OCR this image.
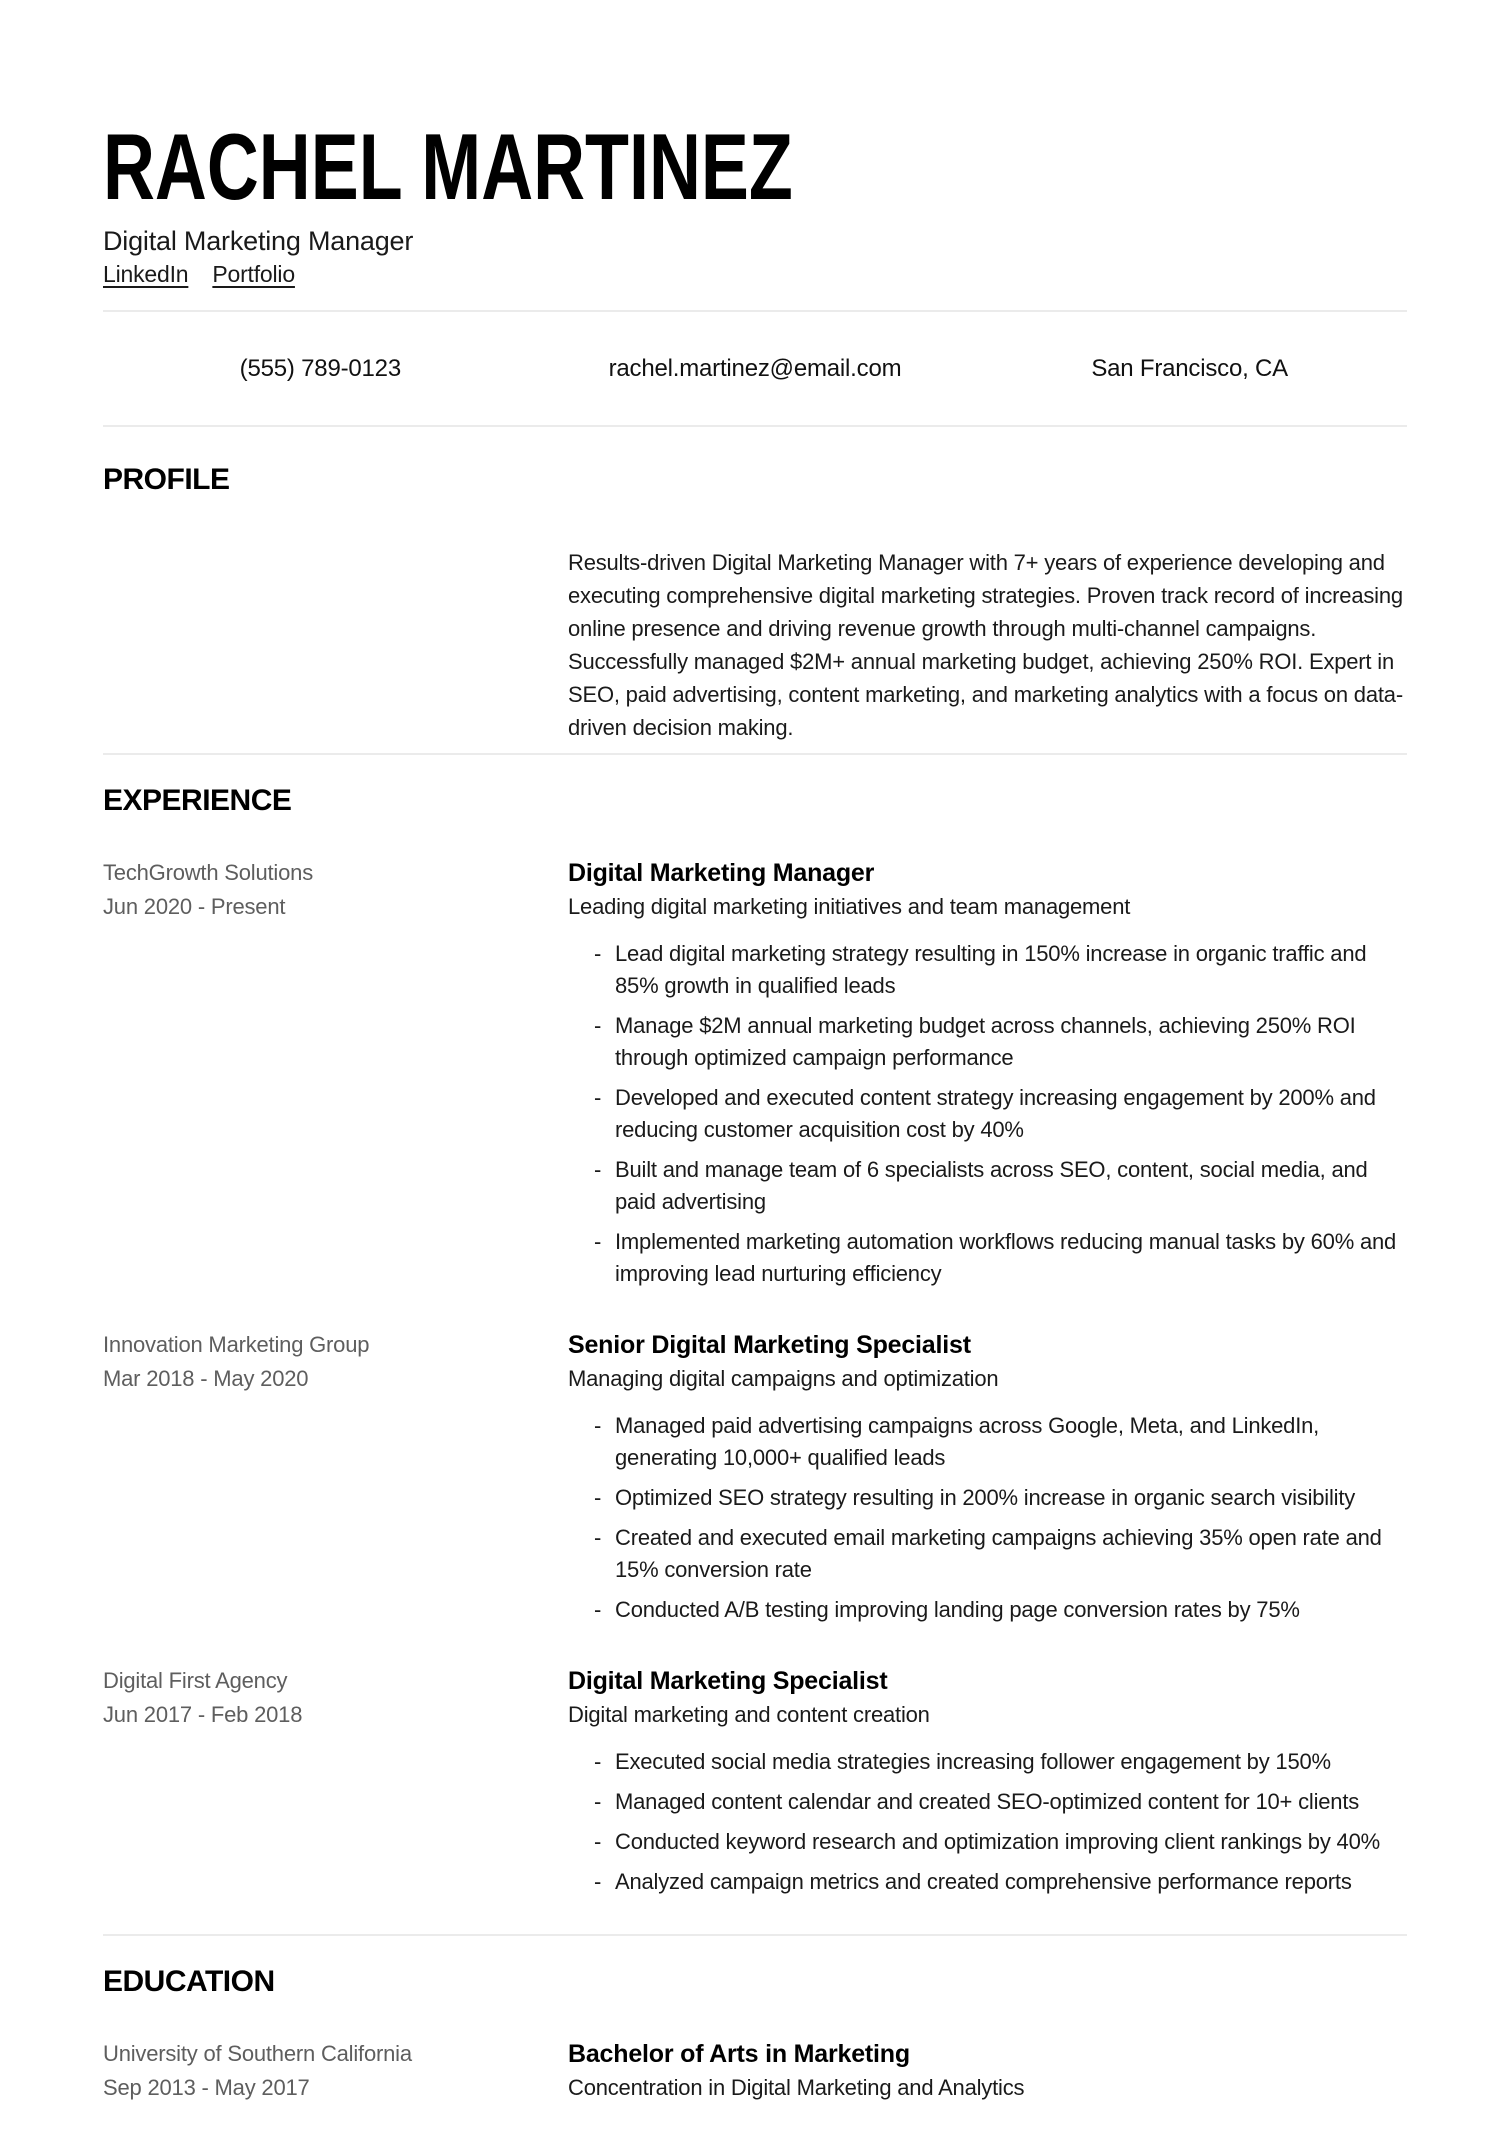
RACHEL MARTINEZ
Digital Marketing Manager
LinkedIn Portfolio
(555) 789-0123	rachel.martinez@email.com	San Francisco, CA
PROFILE

Results-driven Digital Marketing Manager with 7+ years of experience developing and executing comprehensive digital marketing strategies. Proven track record of increasing online presence and driving revenue growth through multi-channel campaigns. Successfully managed $2M+ annual marketing budget, achieving 250% ROI. Expert in SEO, paid advertising, content marketing, and marketing analytics with a focus on data-driven decision making.

EXPERIENCE
TechGrowth Solutions
Jun 2020 - Present
Digital Marketing Manager
Leading digital marketing initiatives and team management
- Lead digital marketing strategy resulting in 150% increase in organic traffic and 85% growth in qualified leads
- Manage $2M annual marketing budget across channels, achieving 250% ROI through optimized campaign performance
- Developed and executed content strategy increasing engagement by 200% and reducing customer acquisition cost by 40%
- Built and manage team of 6 specialists across SEO, content, social media, and paid advertising
- Implemented marketing automation workflows reducing manual tasks by 60% and improving lead nurturing efficiency
Innovation Marketing Group
Mar 2018 - May 2020
Senior Digital Marketing Specialist
Managing digital campaigns and optimization
- Managed paid advertising campaigns across Google, Meta, and LinkedIn, generating 10,000+ qualified leads
- Optimized SEO strategy resulting in 200% increase in organic search visibility
- Created and executed email marketing campaigns achieving 35% open rate and 15% conversion rate
- Conducted A/B testing improving landing page conversion rates by 75%
Digital First Agency
Jun 2017 - Feb 2018
Digital Marketing Specialist
Digital marketing and content creation
- Executed social media strategies increasing follower engagement by 150%
- Managed content calendar and created SEO-optimized content for 10+ clients
- Conducted keyword research and optimization improving client rankings by 40%
- Analyzed campaign metrics and created comprehensive performance reports
EDUCATION
University of Southern California
Sep 2013 - May 2017
Bachelor of Arts in Marketing
Concentration in Digital Marketing and Analytics
